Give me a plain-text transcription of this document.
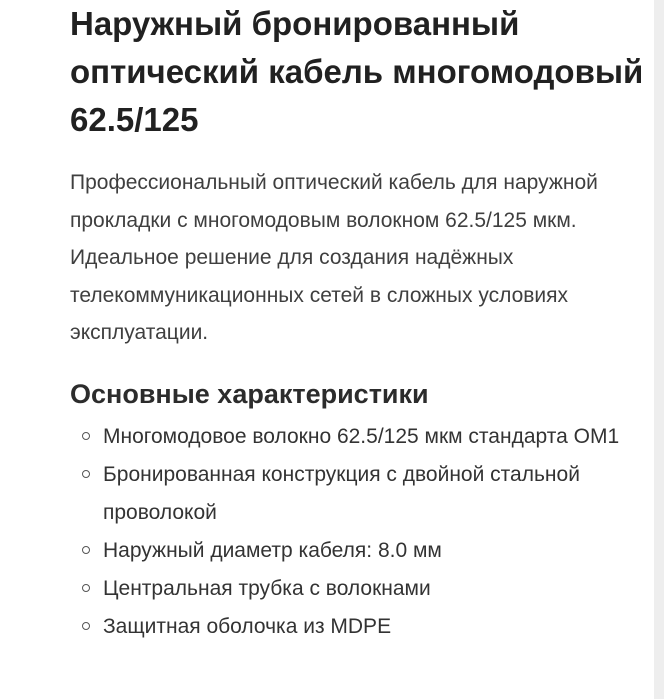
Наружный бронированный оптический кабель многомодовый 62.5/125

Профессиональный оптический кабель для наружной прокладки с многомодовым волокном 62.5/125 мкм. Идеальное решение для создания надёжных телекоммуникационных сетей в сложных условиях эксплуатации.

Основные характеристики
Многомодовое волокно 62.5/125 мкм стандарта OM1
Бронированная конструкция с двойной стальной проволокой
Наружный диаметр кабеля: 8.0 мм
Центральная трубка с волокнами
Защитная оболочка из MDPE
